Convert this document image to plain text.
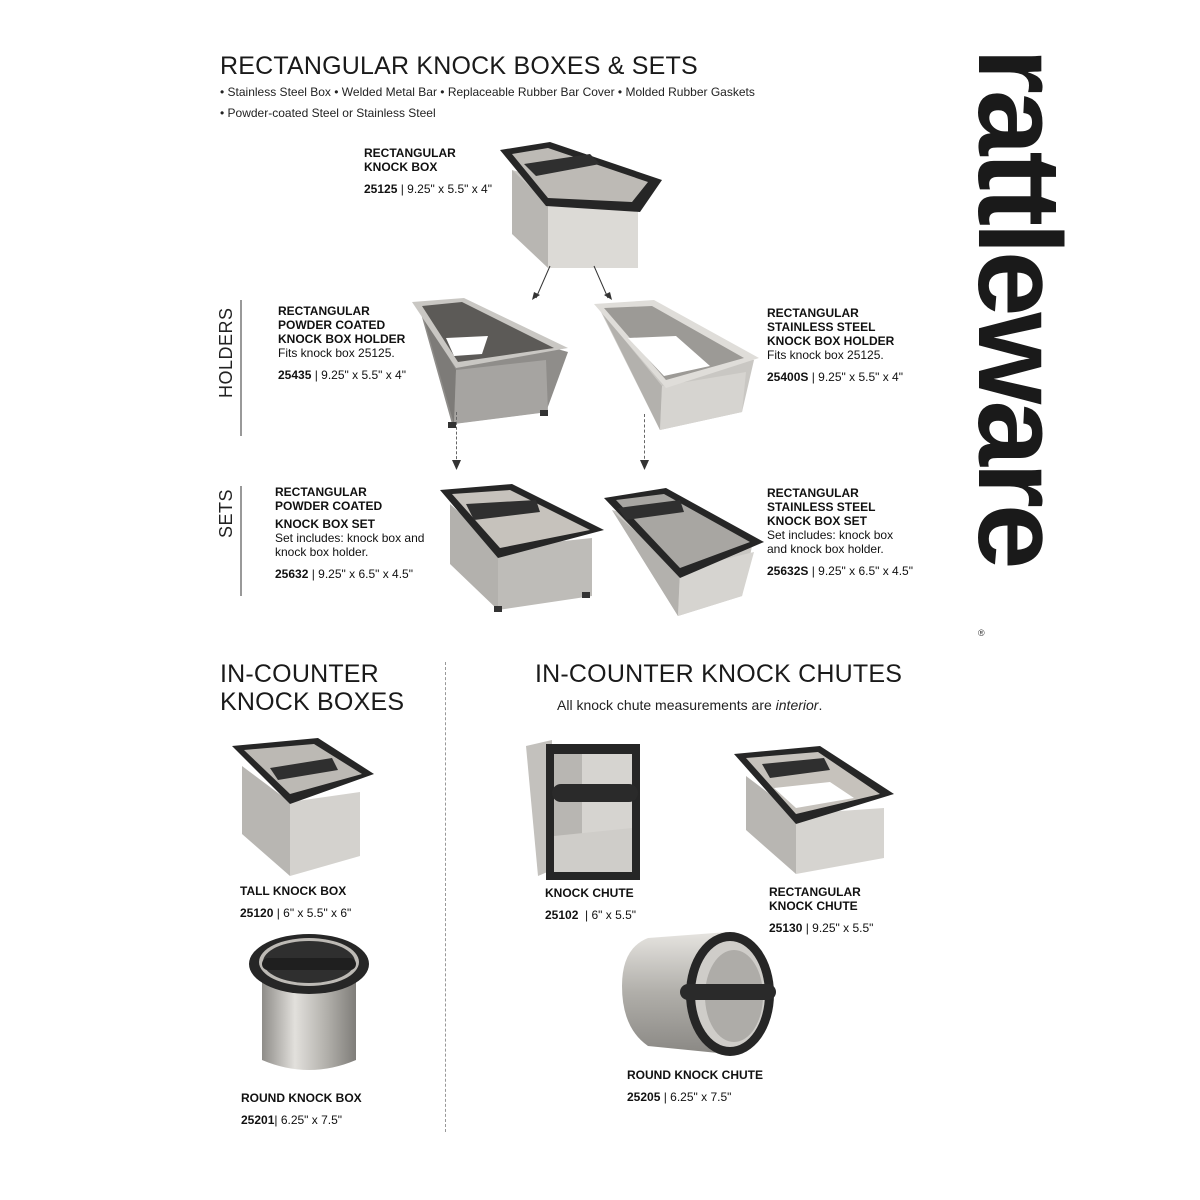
rattleware
®
RECTANGULAR KNOCK BOXES & SETS
• Stainless Steel Box • Welded Metal Bar • Replaceable Rubber Bar Cover • Molded Rubber Gaskets
• Powder-coated Steel or Stainless Steel
RECTANGULAR
KNOCK BOX
25125 | 9.25" x 5.5" x 4"
HOLDERS	RECTANGULAR
POWDER COATED
KNOCK BOX HOLDER
Fits knock box 25125.
25435 | 9.25" x 5.5" x 4"
RECTANGULAR
STAINLESS STEEL
KNOCK BOX HOLDER
Fits knock box 25125.
25400S | 9.25" x 5.5" x 4"
SETS	RECTANGULAR
POWDER COATED
KNOCK BOX SET
Set includes: knock box and
knock box holder.
25632 | 9.25" x 6.5" x 4.5"
RECTANGULAR
STAINLESS STEEL
KNOCK BOX SET
Set includes: knock box
and knock box holder.
25632S | 9.25" x 6.5" x 4.5"
IN-COUNTER
KNOCK BOXES
TALL KNOCK BOX
25120 | 6" x 5.5" x 6"
ROUND KNOCK BOX
25201| 6.25" x 7.5"
IN-COUNTER KNOCK CHUTES
All knock chute measurements are interior.
KNOCK CHUTE
25102  | 6" x 5.5"
RECTANGULAR
KNOCK CHUTE
25130 | 9.25" x 5.5"
ROUND KNOCK CHUTE
25205 | 6.25" x 7.5"
